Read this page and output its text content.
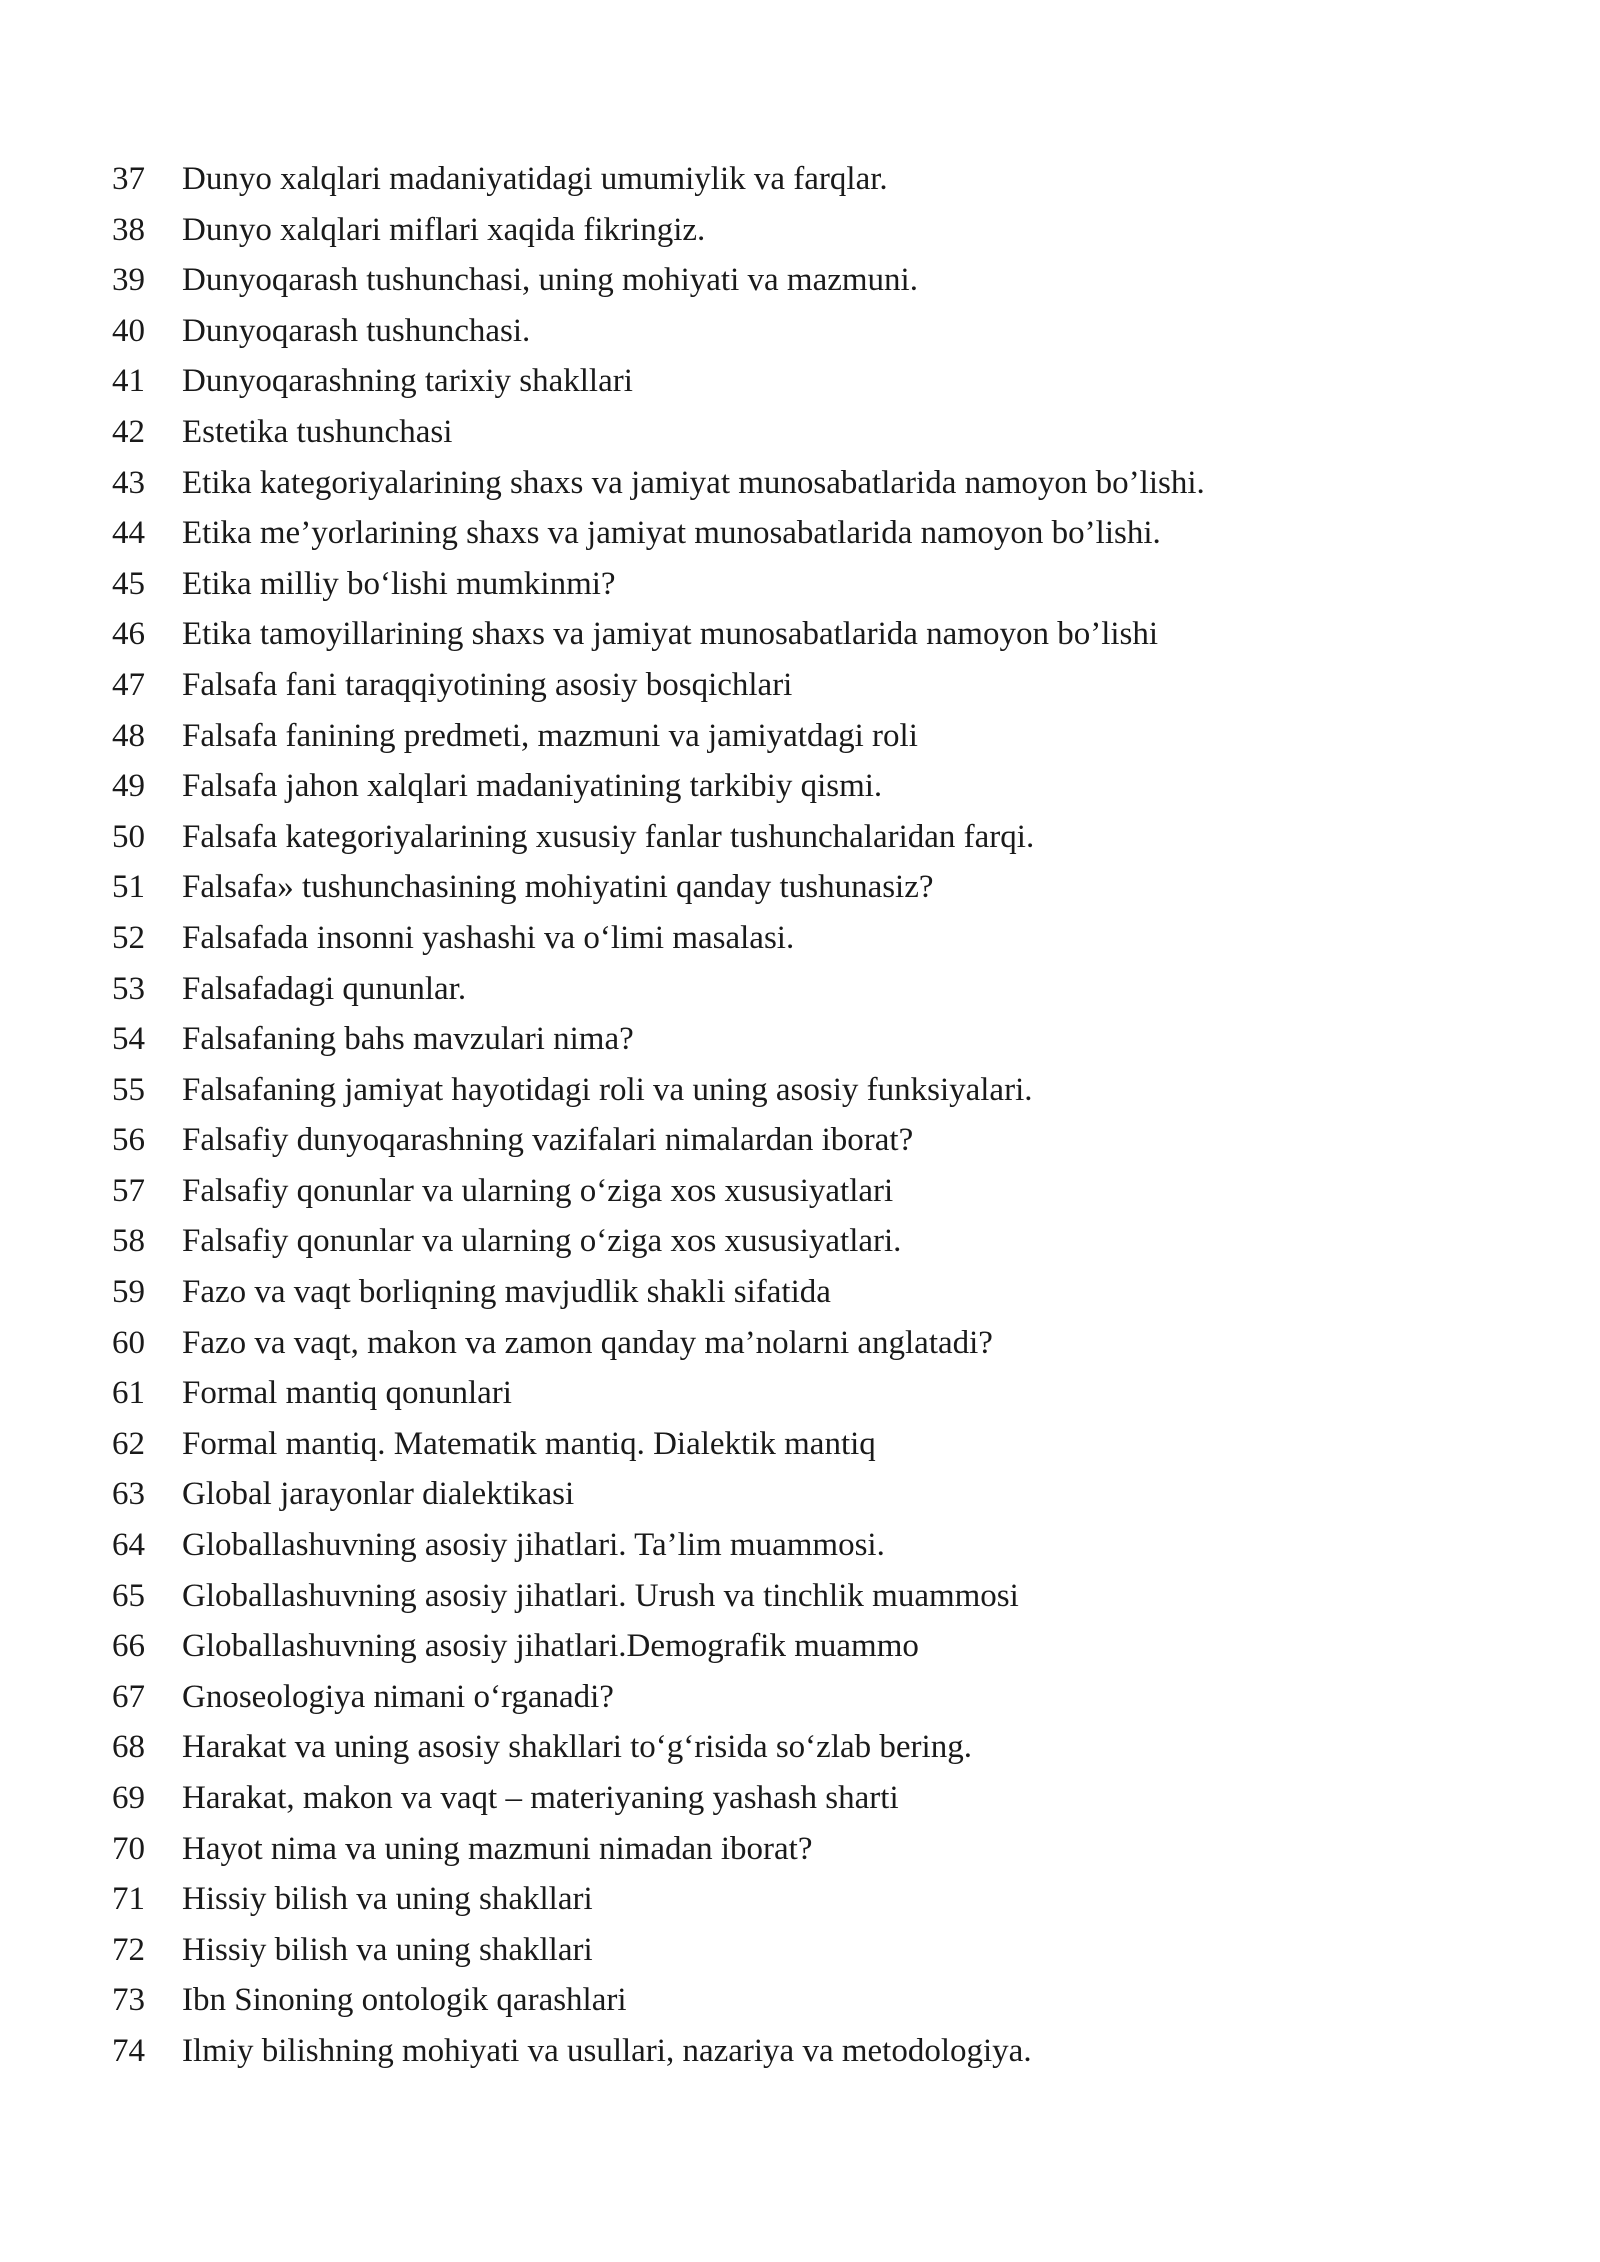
37	Dunyo xalqlari madaniyatidagi umumiylik va farqlar.
38	Dunyo xalqlari miflari xaqida fikringiz.
39	Dunyoqarash tushunchasi, uning mohiyati va mazmuni.
40	Dunyoqarash tushunchasi.
41	Dunyoqarashning tarixiy shakllari
42	Estetika tushunchasi
43	Etika kategoriyalarining shaxs va jamiyat munosabatlarida namoyon bo’lishi.
44	Etika me’yorlarining shaxs va jamiyat munosabatlarida namoyon bo’lishi.
45	Etika milliy bo‘lishi mumkinmi?
46	Etika tamoyillarining shaxs va jamiyat munosabatlarida namoyon bo’lishi
47	Falsafa fani taraqqiyotining asosiy bosqichlari
48	Falsafa fanining predmeti, mazmuni va jamiyatdagi roli
49	Falsafa jahon xalqlari madaniyatining tarkibiy qismi.
50	Falsafa kategoriyalarining xususiy fanlar tushunchalaridan farqi.
51	Falsafa» tushunchasining mohiyatini qanday tushunasiz?
52	Falsafada insonni yashashi va o‘limi masalasi.
53	Falsafadagi qununlar.
54	Falsafaning bahs mavzulari nima?
55	Falsafaning jamiyat hayotidagi roli va uning asosiy funksiyalari.
56	Falsafiy dunyoqarashning vazifalari nimalardan iborat?
57	Falsafiy qonunlar va ularning o‘ziga xos xususiyatlari
58	Falsafiy qonunlar va ularning o‘ziga xos xususiyatlari.
59	Fazo va vaqt borliqning mavjudlik shakli sifatida
60	Fazo va vaqt, makon va zamon qanday ma’nolarni anglatadi?
61	Formal mantiq qonunlari
62	Formal mantiq. Matematik mantiq. Dialektik mantiq
63	Global jarayonlar dialektikasi
64	Globallashuvning asosiy jihatlari. Ta’lim muammosi.
65	Globallashuvning asosiy jihatlari. Urush va tinchlik muammosi
66	Globallashuvning asosiy jihatlari.Demografik muammo
67	Gnoseologiya nimani o‘rganadi?
68	Harakat va uning asosiy shakllari to‘g‘risida so‘zlab bering.
69	Harakat, makon va vaqt – materiyaning yashash sharti
70	Hayot nima va uning mazmuni nimadan iborat?
71	Hissiy bilish va uning shakllari
72	Hissiy bilish va uning shakllari
73	Ibn Sinoning ontologik qarashlari
74	Ilmiy bilishning mohiyati va usullari, nazariya va metodologiya.
